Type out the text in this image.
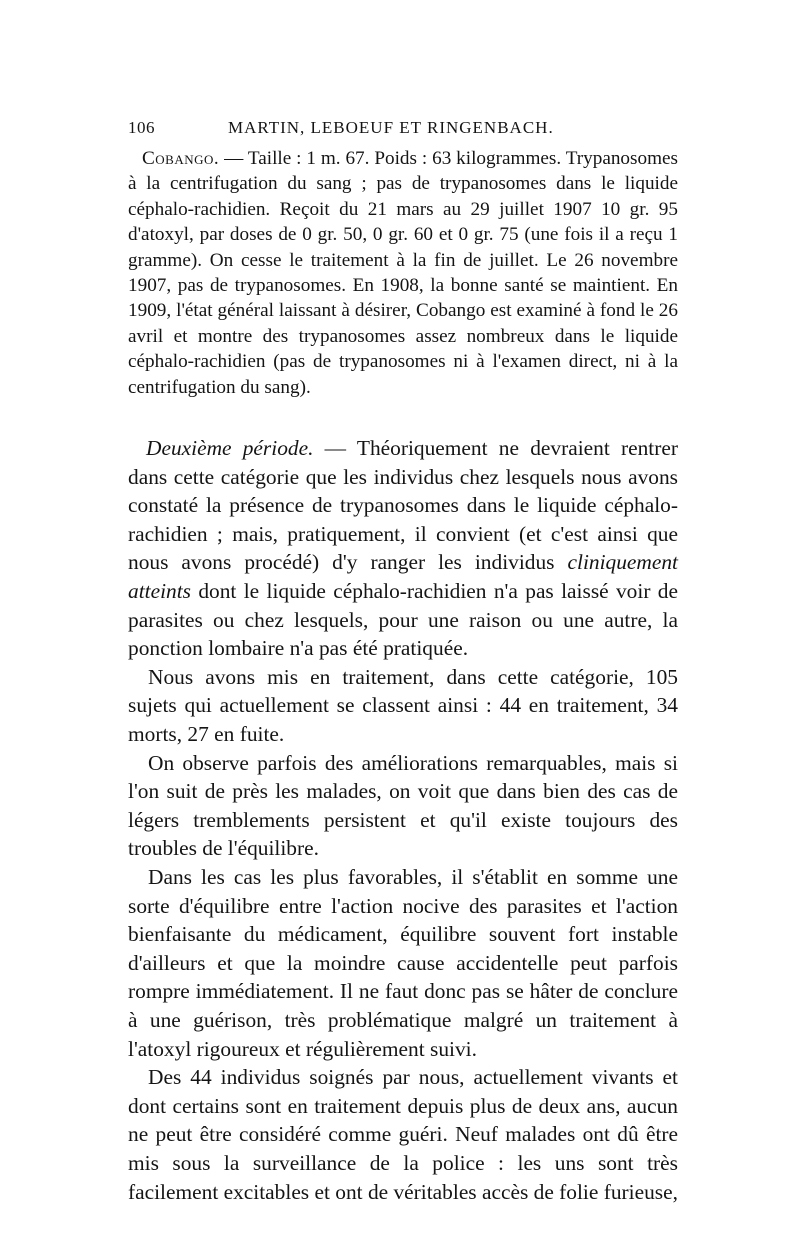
106	MARTIN, LEBOEUF ET RINGENBACH.

Cobango. — Taille : 1 m. 67. Poids : 63 kilogrammes. Trypanosomes à la centrifugation du sang ; pas de trypanosomes dans le liquide céphalo-rachidien. Reçoit du 21 mars au 29 juillet 1907 10 gr. 95 d'atoxyl, par doses de 0 gr. 50, 0 gr. 60 et 0 gr. 75 (une fois il a reçu 1 gramme). On cesse le traitement à la fin de juillet. Le 26 novembre 1907, pas de trypanosomes. En 1908, la bonne santé se maintient. En 1909, l'état général laissant à désirer, Cobango est examiné à fond le 26 avril et montre des trypanosomes assez nombreux dans le liquide céphalo-rachidien (pas de trypanosomes ni à l'examen direct, ni à la centrifugation du sang).

Deuxième période. — Théoriquement ne devraient rentrer dans cette catégorie que les individus chez lesquels nous avons constaté la présence de trypanosomes dans le liquide céphalo-rachidien ; mais, pratiquement, il convient (et c'est ainsi que nous avons procédé) d'y ranger les individus cliniquement atteints dont le liquide céphalo-rachidien n'a pas laissé voir de parasites ou chez lesquels, pour une raison ou une autre, la ponction lombaire n'a pas été pratiquée.

Nous avons mis en traitement, dans cette catégorie, 105 sujets qui actuellement se classent ainsi : 44 en traitement, 34 morts, 27 en fuite.

On observe parfois des améliorations remarquables, mais si l'on suit de près les malades, on voit que dans bien des cas de légers tremblements persistent et qu'il existe toujours des troubles de l'équilibre.

Dans les cas les plus favorables, il s'établit en somme une sorte d'équilibre entre l'action nocive des parasites et l'action bienfaisante du médicament, équilibre souvent fort instable d'ailleurs et que la moindre cause accidentelle peut parfois rompre immédiatement. Il ne faut donc pas se hâter de conclure à une guérison, très problématique malgré un traitement à l'atoxyl rigoureux et régulièrement suivi.

Des 44 individus soignés par nous, actuellement vivants et dont certains sont en traitement depuis plus de deux ans, aucun ne peut être considéré comme guéri. Neuf malades ont dû être mis sous la surveillance de la police : les uns sont très facilement excitables et ont de véritables accès de folie furieuse,
